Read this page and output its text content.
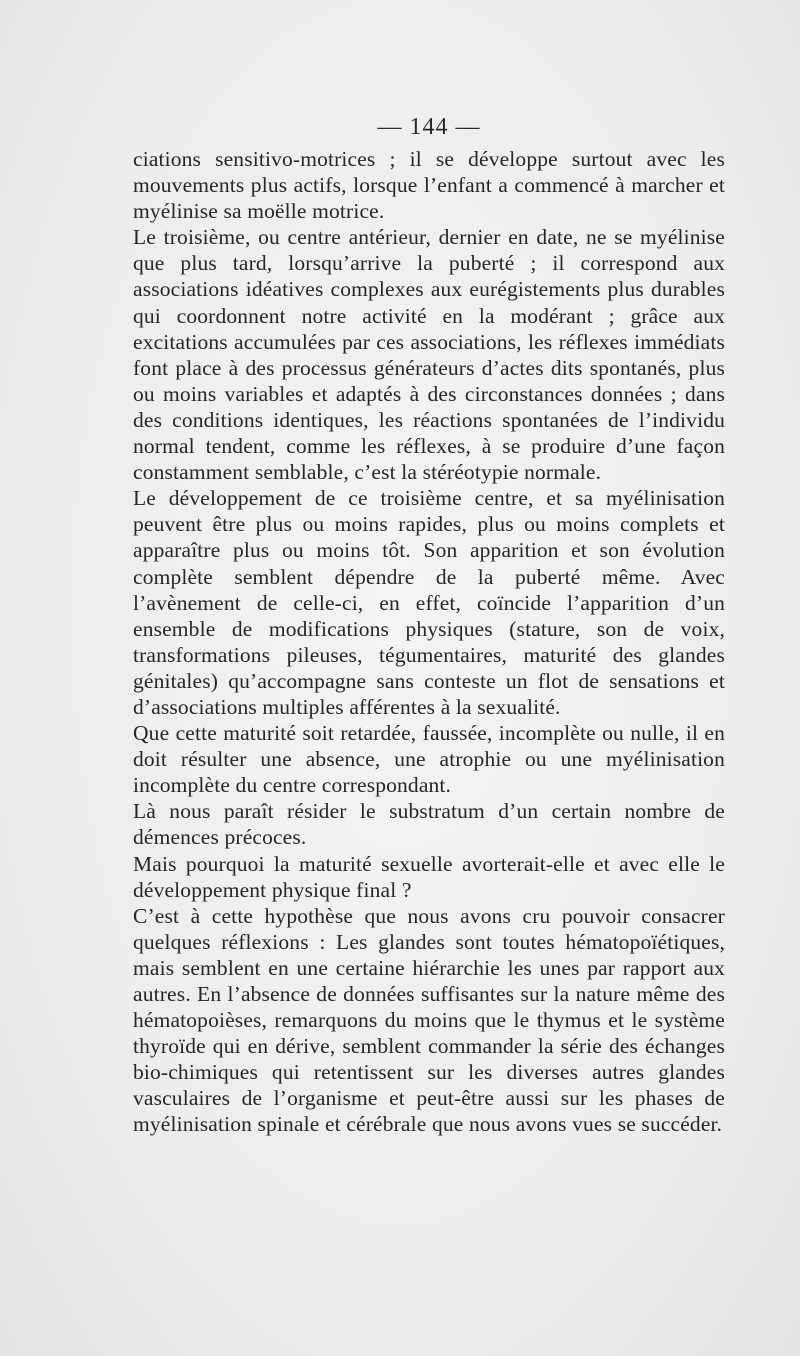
— 144 —

ciations sensitivo-motrices ; il se développe surtout avec les mouvements plus actifs, lorsque l’enfant a commencé à marcher et myélinise sa moëlle motrice.

Le troisième, ou centre antérieur, dernier en date, ne se myélinise que plus tard, lorsqu’arrive la puberté ; il correspond aux associations idéatives complexes aux eurégistements plus durables qui coordonnent notre activité en la modérant ; grâce aux excitations accumulées par ces associations, les réflexes immédiats font place à des processus générateurs d’actes dits spontanés, plus ou moins variables et adaptés à des circonstances données ; dans des conditions identiques, les réactions spontanées de l’individu normal tendent, comme les réflexes, à se produire d’une façon constamment semblable, c’est la stéréotypie normale.

Le développement de ce troisième centre, et sa myélinisation peuvent être plus ou moins rapides, plus ou moins complets et apparaître plus ou moins tôt. Son apparition et son évolution complète semblent dépendre de la puberté même. Avec l’avènement de celle-ci, en effet, coïncide l’apparition d’un ensemble de modifications physiques (stature, son de voix, transformations pileuses, tégumentaires, maturité des glandes génitales) qu’accompagne sans conteste un flot de sensations et d’associations multiples afférentes à la sexualité.

Que cette maturité soit retardée, faussée, incomplète ou nulle, il en doit résulter une absence, une atrophie ou une myélinisation incomplète du centre correspondant.

Là nous paraît résider le substratum d’un certain nombre de démences précoces.

Mais pourquoi la maturité sexuelle avorterait-elle et avec elle le développement physique final ?

C’est à cette hypothèse que nous avons cru pouvoir consacrer quelques réflexions : Les glandes sont toutes hématopoïétiques, mais semblent en une certaine hiérarchie les unes par rapport aux autres. En l’absence de données suffisantes sur la nature même des hématopoièses, remarquons du moins que le thymus et le système thyroïde qui en dérive, semblent commander la série des échanges bio-chimiques qui retentissent sur les diverses autres glandes vasculaires de l’organisme et peut-être aussi sur les phases de myélinisation spinale et cérébrale que nous avons vues se succéder.
